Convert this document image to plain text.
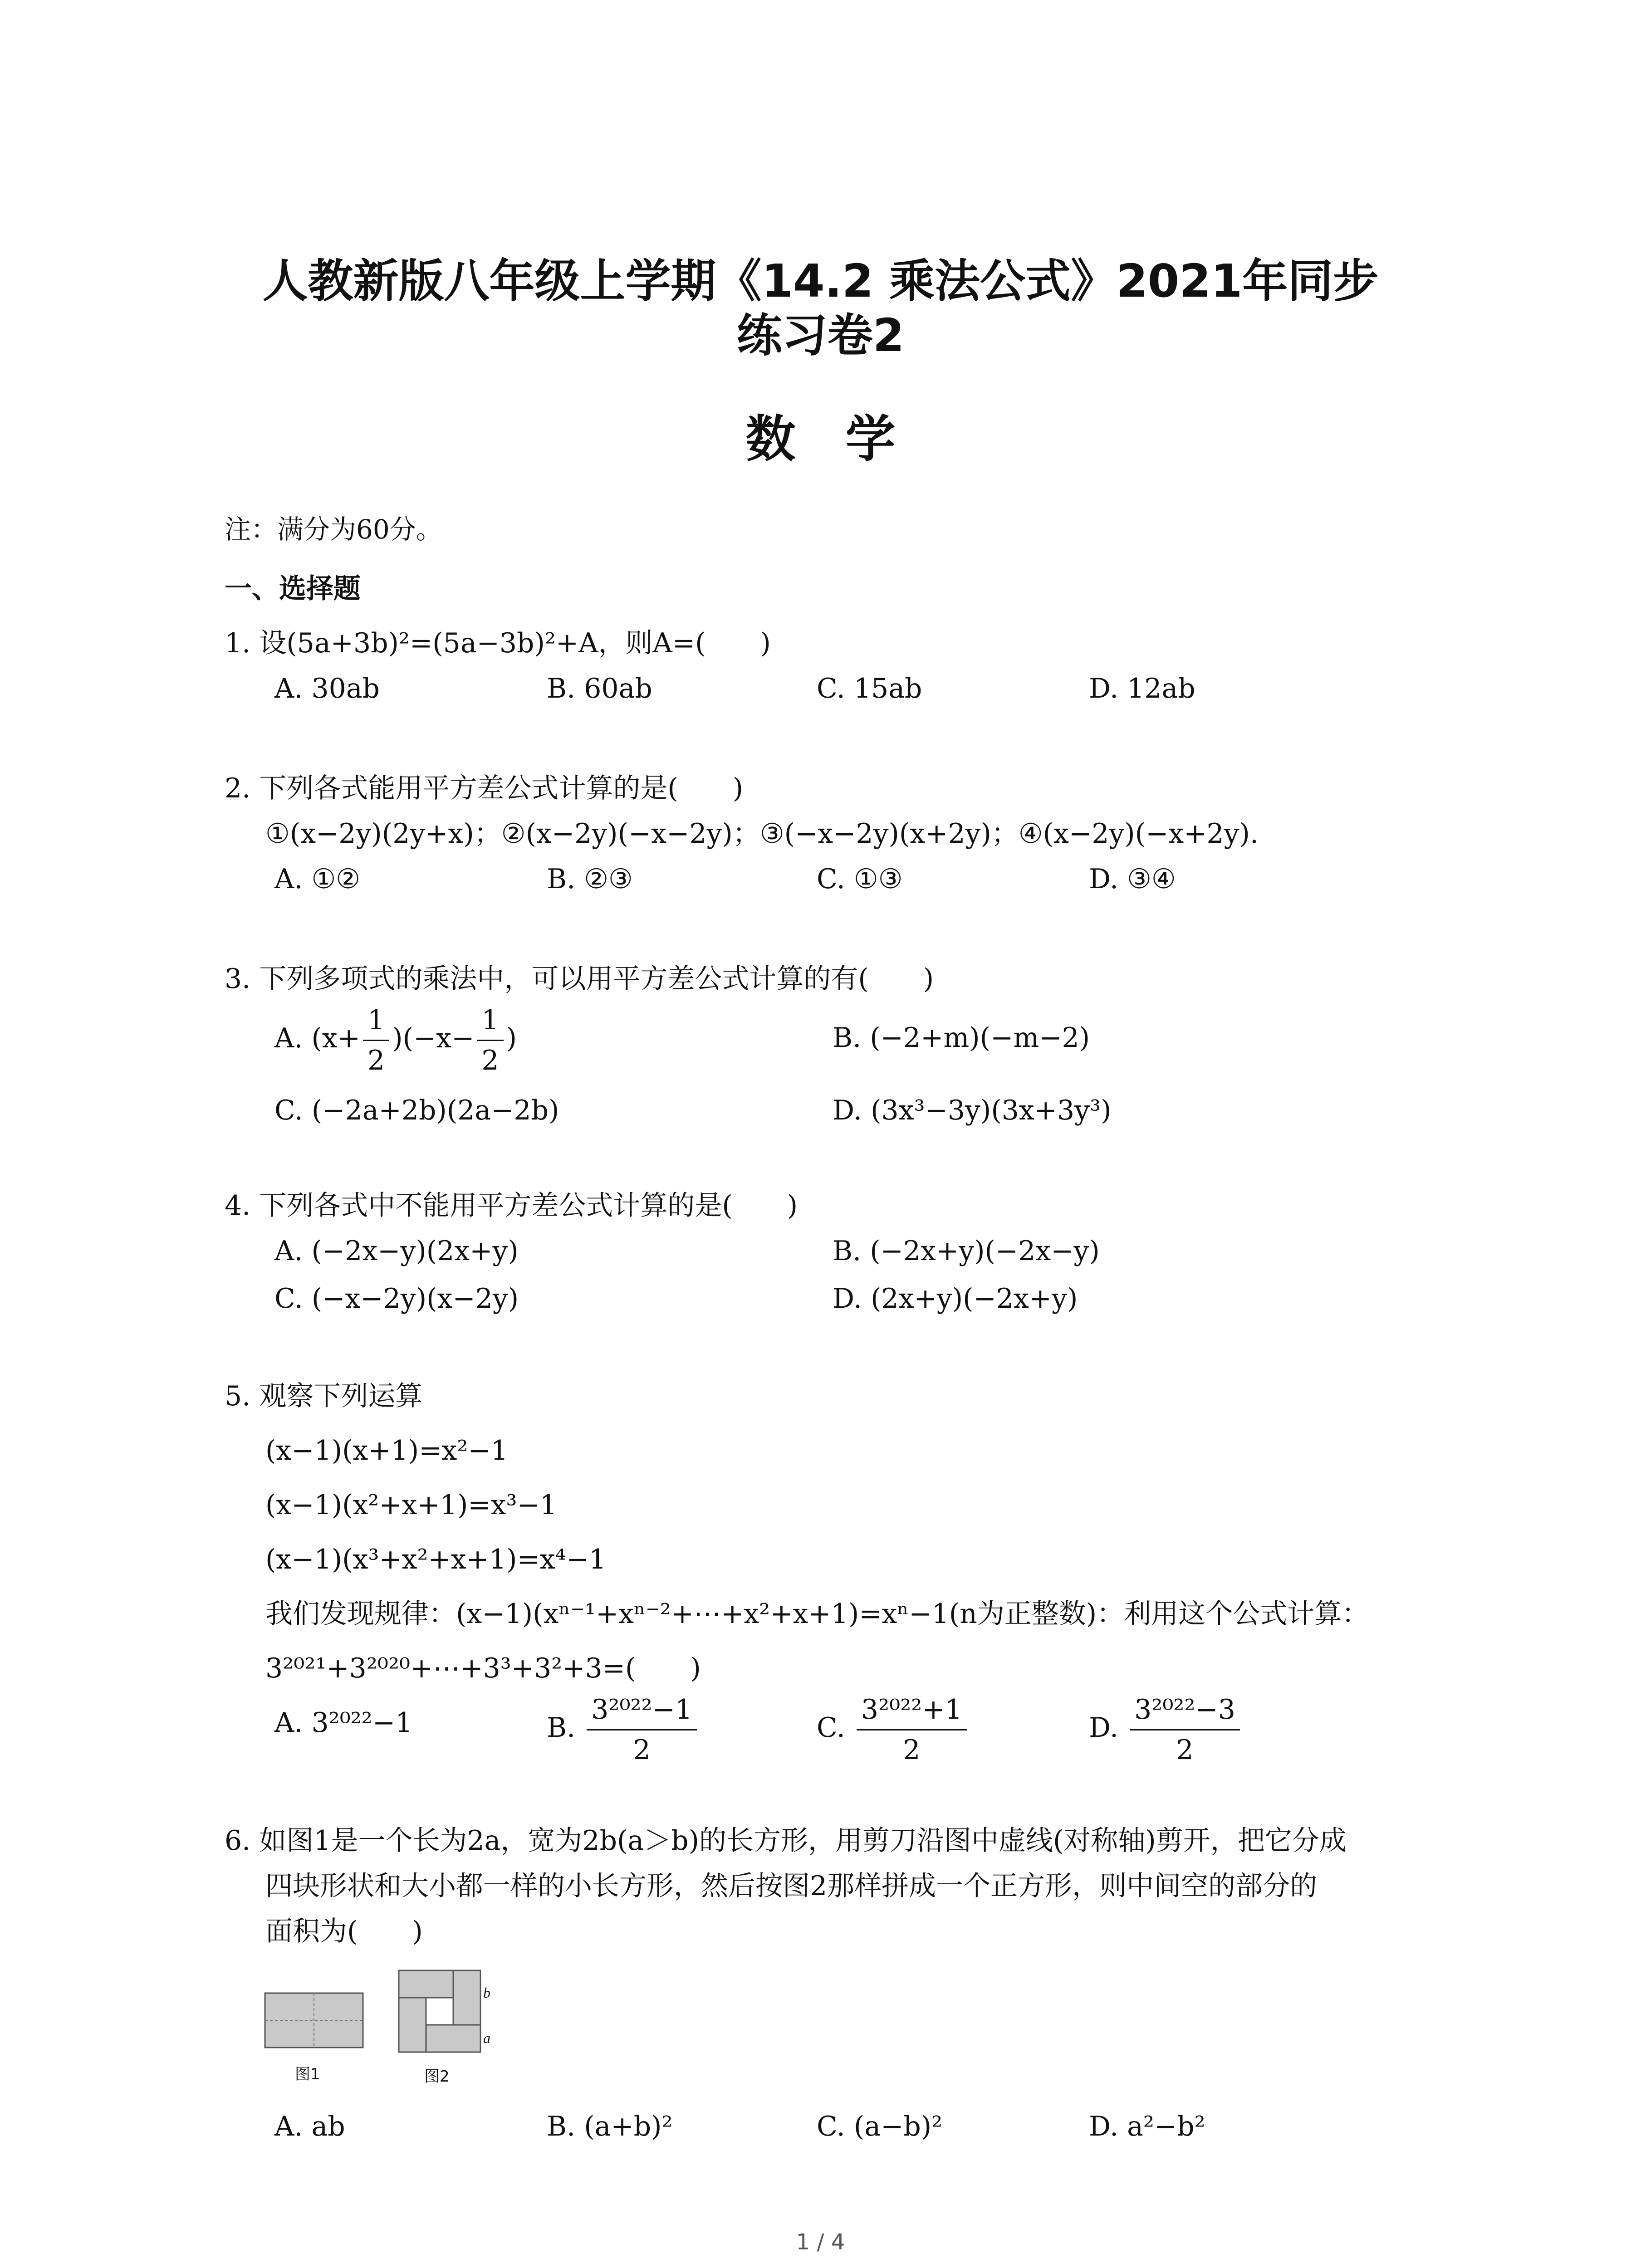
人教新版八年级上学期《14.2 乘法公式》2021年同步
练习卷2
数学
注：满分为60分。
一、选择题
1. 设(5a+3b)²=(5a−3b)²+A，则A=(　　)
A. 30ab	B. 60ab	C. 15ab	D. 12ab
2. 下列各式能用平方差公式计算的是(　　)
①(x−2y)(2y+x)；②(x−2y)(−x−2y)；③(−x−2y)(x+2y)；④(x−2y)(−x+2y).
A. ①②	B. ②③	C. ①③	D. ③④
3. 下列多项式的乘法中，可以用平方差公式计算的有(　　)
A. $(x+ \frac{1}{2} )(-x- \frac{1}{2}$ )	B. (−2+m)(−m−2)
C. (−2a+2b)(2a−2b)	D. (3x³−3y)(3x+3y³)
4. 下列各式中不能用平方差公式计算的是(　　)
A. (−2x−y)(2x+y)	B. (−2x+y)(−2x−y)
C. (−x−2y)(x−2y)	D. (2x+y)(−2x+y)
5. 观察下列运算
(x−1)(x+1)=x²−1
(x−1)(x²+x+1)=x³−1
(x−1)(x³+x²+x+1)=x⁴−1
我们发现规律：(x−1)(xⁿ⁻¹+xⁿ⁻²+⋯+x²+x+1)=xⁿ−1(n为正整数)：利用这个公式计算：
3²⁰²¹+3²⁰²⁰+⋯+3³+3²+3=(　　)
A. 3²⁰²²−1	B. $\frac{\text{3²⁰²²−1}}{2}$	C. $\frac{\text{3²⁰²²+1}}{2}$	D. $\frac{\text{3²⁰²²−3}}{2}$
6. 如图1是一个长为2a，宽为2b(a＞b)的长方形，用剪刀沿图中虚线(对称轴)剪开，把它分成
四块形状和大小都一样的小长方形，然后按图2那样拼成一个正方形，则中间空的部分的
面积为(　　)
图1
b
a
图2
A. ab	B. (a+b)²	C. (a−b)²	D. a²−b²
1 / 4
